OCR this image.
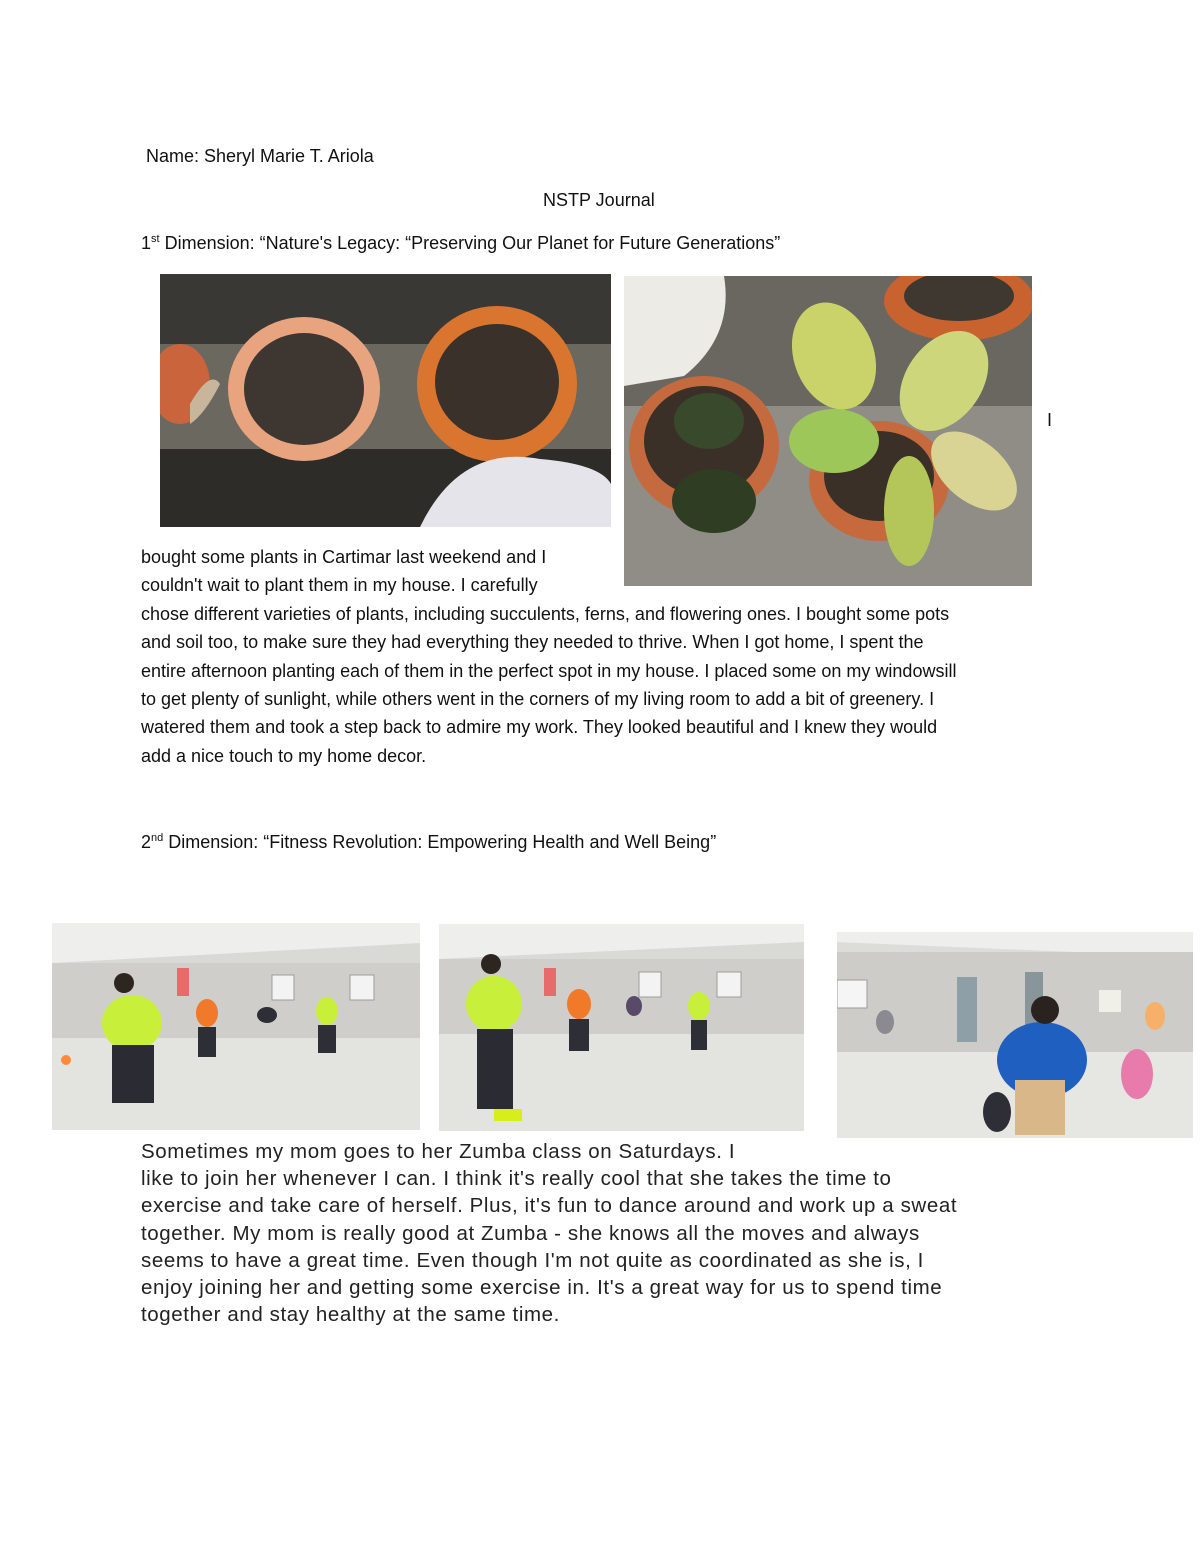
Name: Sheryl Marie T. Ariola
NSTP Journal
1st Dimension: “Nature's Legacy: “Preserving Our Planet for Future Generations”
I
bought some plants in Cartimar last weekend and I
couldn't wait to plant them in my house. I carefully
chose different varieties of plants, including succulents, ferns, and flowering ones. I bought some pots
and soil too, to make sure they had everything they needed to thrive. When I got home, I spent the
entire afternoon planting each of them in the perfect spot in my house. I placed some on my windowsill
to get plenty of sunlight, while others went in the corners of my living room to add a bit of greenery. I
watered them and took a step back to admire my work. They looked beautiful and I knew they would
add a nice touch to my home decor.
2nd Dimension: “Fitness Revolution: Empowering Health and Well Being”
Sometimes my mom goes to her Zumba class on Saturdays. I
like to join her whenever I can. I think it's really cool that she takes the time to
exercise and take care of herself. Plus, it's fun to dance around and work up a sweat
together. My mom is really good at Zumba - she knows all the moves and always
seems to have a great time. Even though I'm not quite as coordinated as she is, I
enjoy joining her and getting some exercise in. It's a great way for us to spend time
together and stay healthy at the same time.
